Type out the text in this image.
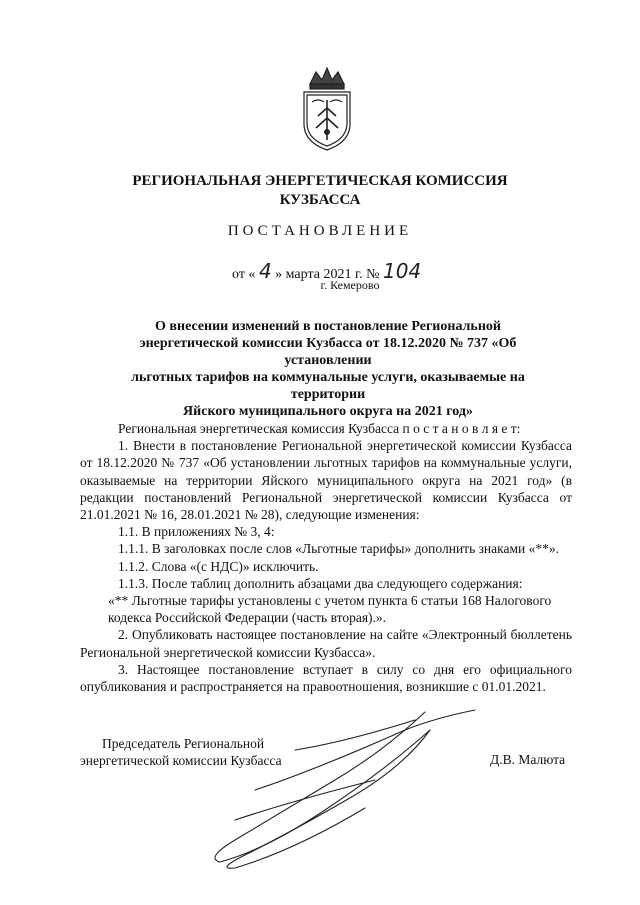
РЕГИОНАЛЬНАЯ ЭНЕРГЕТИЧЕСКАЯ КОМИССИЯ
КУЗБАССА
ПОСТАНОВЛЕНИЕ
от « 4 » марта 2021 г. № 104
г. Кемерово
О внесении изменений в постановление Региональной
энергетической комиссии Кузбасса от 18.12.2020 № 737 «Об установлении
льготных тарифов на коммунальные услуги, оказываемые на территории
Яйского муниципального округа на 2021 год»

Региональная энергетическая комиссия Кузбасса п о с т а н о в л я е т:

1. Внести в постановление Региональной энергетической комиссии Кузбасса от 18.12.2020 № 737 «Об установлении льготных тарифов на коммунальные услуги, оказываемые на территории Яйского муниципального округа на 2021 год» (в редакции постановлений Региональной энергетической комиссии Кузбасса от 21.01.2021 № 16, 28.01.2021 № 28), следующие изменения:

1.1. В приложениях № 3, 4:

1.1.1. В заголовках после слов «Льготные тарифы» дополнить знаками «**».

1.1.2. Слова «(с НДС)» исключить.

1.1.3. После таблиц дополнить абзацами два следующего содержания:

«** Льготные тарифы установлены с учетом пункта 6 статьи 168 Налогового кодекса Российской Федерации (часть вторая).».

2. Опубликовать настоящее постановление на сайте «Электронный бюллетень Региональной энергетической комиссии Кузбасса».

3. Настоящее постановление вступает в силу со дня его официального опубликования и распространяется на правоотношения, возникшие с 01.01.2021.

Председатель Региональной
энергетической комиссии Кузбасса	Д.В. Малюта
